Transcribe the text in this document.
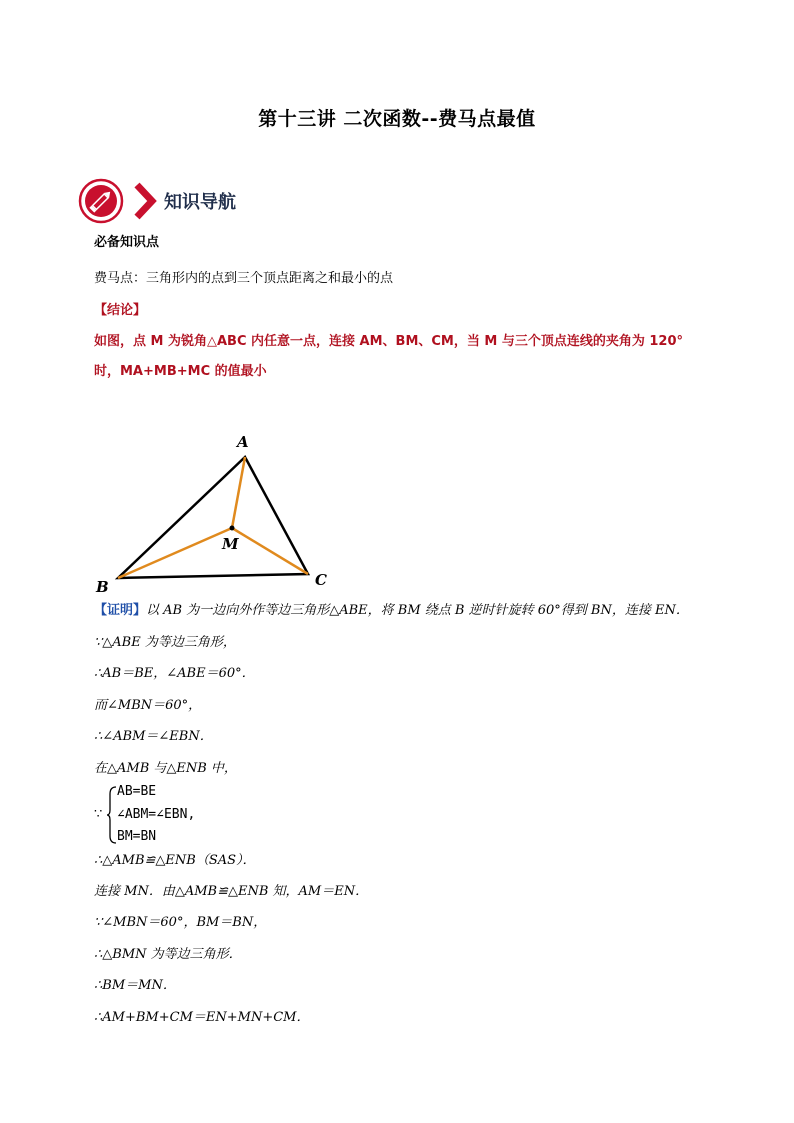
第十三讲 二次函数--费马点最值
知识导航
必备知识点
费马点：三角形内的点到三个顶点距离之和最小的点
【结论】
如图，点 M 为锐角△ABC 内任意一点，连接 AM、BM、CM，当 M 与三个顶点连线的夹角为 120°
时，MA+MB+MC 的值最小
A
B	C
M
【证明】以 AB 为一边向外作等边三角形△ABE，将 BM 绕点 B 逆时针旋转 60°得到 BN，连接 EN．
∵△ABE 为等边三角形，
∴AB＝BE，∠ABE＝60°．
而∠MBN＝60°，
∴∠ABM＝∠EBN．
在△AMB 与△ENB 中，
∵
AB=BE
∠ABM=∠EBN,
BM=BN
∴△AMB≌△ENB（SAS）．
连接 MN．由△AMB≌△ENB 知，AM＝EN．
∵∠MBN＝60°，BM＝BN，
∴△BMN 为等边三角形．
∴BM＝MN．
∴AM+BM+CM＝EN+MN+CM．
